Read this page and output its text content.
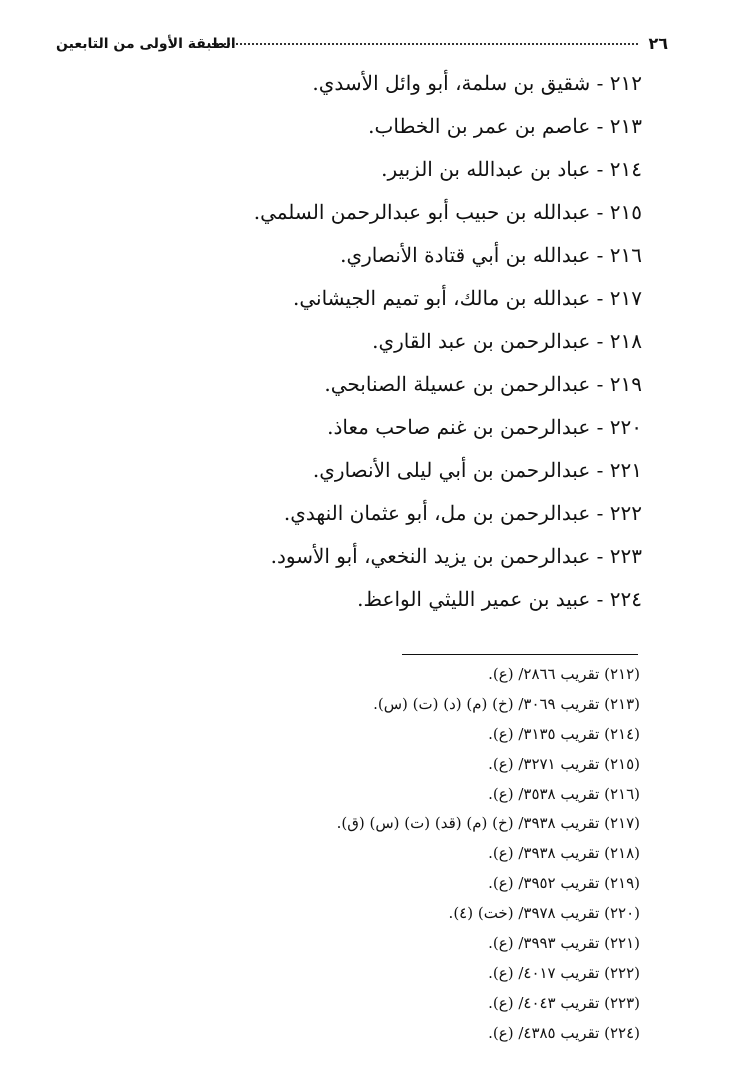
٢٦
الطبقة الأولى من التابعين
٢١٢ - شقيق بن سلمة، أبو وائل الأسدي.
٢١٣ - عاصم بن عمر بن الخطاب.
٢١٤ - عباد بن عبدالله بن الزبير.
٢١٥ - عبدالله بن حبيب أبو عبدالرحمن السلمي.
٢١٦ - عبدالله بن أبي قتادة الأنصاري.
٢١٧ - عبدالله بن مالك، أبو تميم الجيشاني.
٢١٨ - عبدالرحمن بن عبد القاري.
٢١٩ - عبدالرحمن بن عسيلة الصنابحي.
٢٢٠ - عبدالرحمن بن غنم صاحب معاذ.
٢٢١ - عبدالرحمن بن أبي ليلى الأنصاري.
٢٢٢ - عبدالرحمن بن مل، أبو عثمان النهدي.
٢٢٣ - عبدالرحمن بن يزيد النخعي، أبو الأسود.
٢٢٤ - عبيد بن عمير الليثي الواعظ.
(٢١٢) تقريب ٢٨٦٦/ (ع).
(٢١٣) تقريب ٣٠٦٩/ (خ) (م) (د) (ت) (س).
(٢١٤) تقريب ٣١٣٥/ (ع).
(٢١٥) تقريب ٣٢٧١/ (ع).
(٢١٦) تقريب ٣٥٣٨/ (ع).
(٢١٧) تقريب ٣٩٣٨/ (خ) (م) (قد) (ت) (س) (ق).
(٢١٨) تقريب ٣٩٣٨/ (ع).
(٢١٩) تقريب ٣٩٥٢/ (ع).
(٢٢٠) تقريب ٣٩٧٨/ (خت) (٤).
(٢٢١) تقريب ٣٩٩٣/ (ع).
(٢٢٢) تقريب ٤٠١٧/ (ع).
(٢٢٣) تقريب ٤٠٤٣/ (ع).
(٢٢٤) تقريب ٤٣٨٥/ (ع).
